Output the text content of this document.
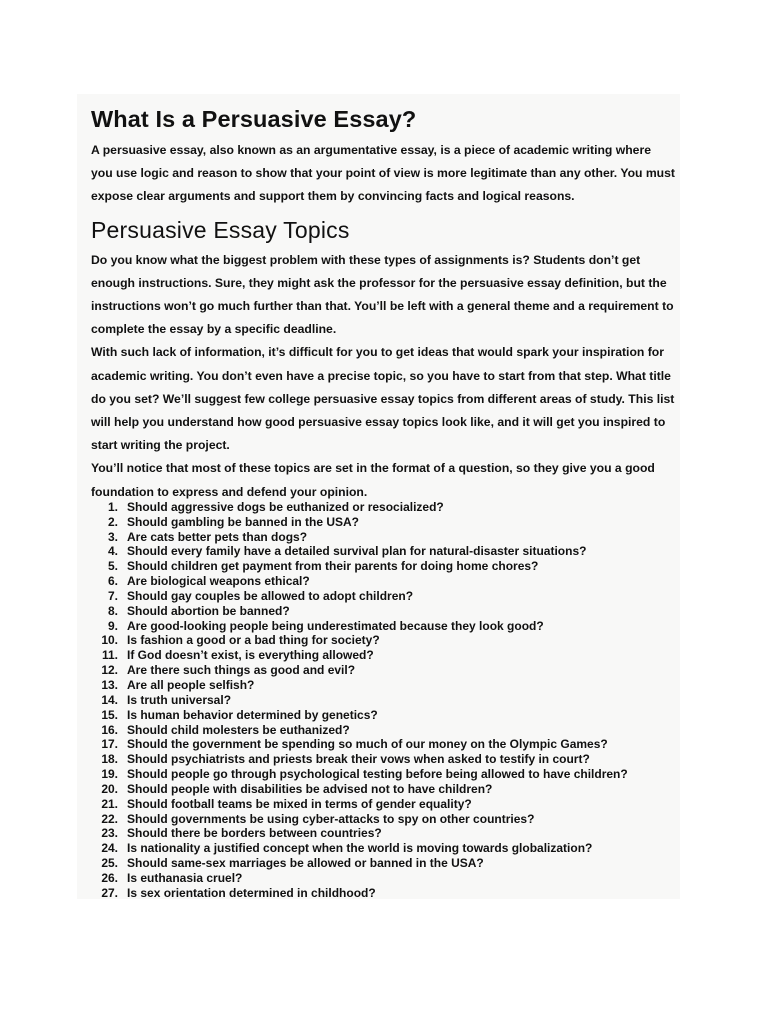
What Is a Persuasive Essay?

A persuasive essay, also known as an argumentative essay, is a piece of academic writing where you use logic and reason to show that your point of view is more legitimate than any other. You must expose clear arguments and support them by convincing facts and logical reasons.

Persuasive Essay Topics

Do you know what the biggest problem with these types of assignments is? Students don’t get enough instructions. Sure, they might ask the professor for the persuasive essay definition, but the instructions won’t go much further than that. You’ll be left with a general theme and a requirement to complete the essay by a specific deadline.

With such lack of information, it’s difficult for you to get ideas that would spark your inspiration for academic writing. You don’t even have a precise topic, so you have to start from that step. What title do you set? We’ll suggest few college persuasive essay topics from different areas of study. This list will help you understand how good persuasive essay topics look like, and it will get you inspired to start writing the project.

You’ll notice that most of these topics are set in the format of a question, so they give you a good foundation to express and defend your opinion.

1. Should aggressive dogs be euthanized or resocialized?
2. Should gambling be banned in the USA?
3. Are cats better pets than dogs?
4. Should every family have a detailed survival plan for natural-disaster situations?
5. Should children get payment from their parents for doing home chores?
6. Are biological weapons ethical?
7. Should gay couples be allowed to adopt children?
8. Should abortion be banned?
9. Are good-looking people being underestimated because they look good?
10. Is fashion a good or a bad thing for society?
11. If God doesn’t exist, is everything allowed?
12. Are there such things as good and evil?
13. Are all people selfish?
14. Is truth universal?
15. Is human behavior determined by genetics?
16. Should child molesters be euthanized?
17. Should the government be spending so much of our money on the Olympic Games?
18. Should psychiatrists and priests break their vows when asked to testify in court?
19. Should people go through psychological testing before being allowed to have children?
20. Should people with disabilities be advised not to have children?
21. Should football teams be mixed in terms of gender equality?
22. Should governments be using cyber-attacks to spy on other countries?
23. Should there be borders between countries?
24. Is nationality a justified concept when the world is moving towards globalization?
25. Should same-sex marriages be allowed or banned in the USA?
26. Is euthanasia cruel?
27. Is sex orientation determined in childhood?
